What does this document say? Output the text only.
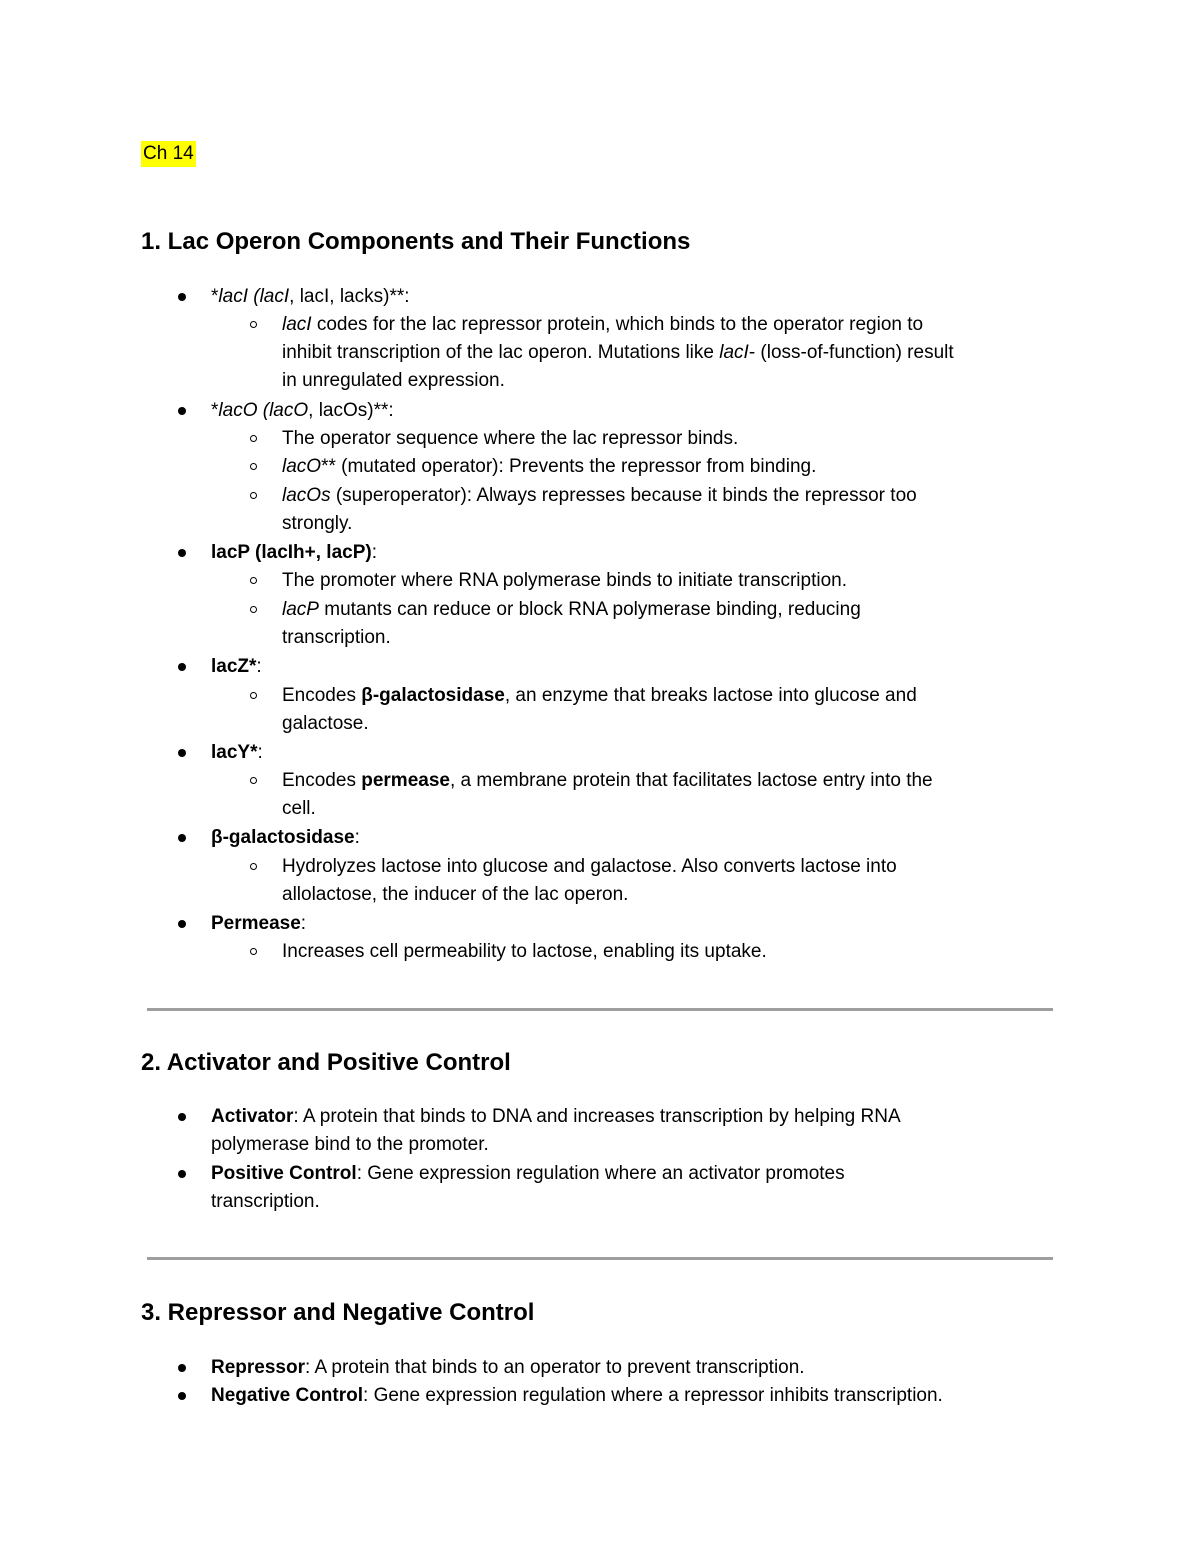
Ch 14
1. Lac Operon Components and Their Functions
*lacI (lacI, lacI, lacks)**:
lacI codes for the lac repressor protein, which binds to the operator region to
inhibit transcription of the lac operon. Mutations like lacI- (loss-of-function) result
in unregulated expression.
*lacO (lacO, lacOs)**:
The operator sequence where the lac repressor binds.
lacO** (mutated operator): Prevents the repressor from binding.
lacOs (superoperator): Always represses because it binds the repressor too
strongly.
lacP (lacIh+, lacP):
The promoter where RNA polymerase binds to initiate transcription.
lacP mutants can reduce or block RNA polymerase binding, reducing
transcription.
lacZ*:
Encodes β-galactosidase, an enzyme that breaks lactose into glucose and
galactose.
lacY*:
Encodes permease, a membrane protein that facilitates lactose entry into the
cell.
β-galactosidase:
Hydrolyzes lactose into glucose and galactose. Also converts lactose into
allolactose, the inducer of the lac operon.
Permease:
Increases cell permeability to lactose, enabling its uptake.
2. Activator and Positive Control
Activator: A protein that binds to DNA and increases transcription by helping RNA
polymerase bind to the promoter.
Positive Control: Gene expression regulation where an activator promotes
transcription.
3. Repressor and Negative Control
Repressor: A protein that binds to an operator to prevent transcription.
Negative Control: Gene expression regulation where a repressor inhibits transcription.
